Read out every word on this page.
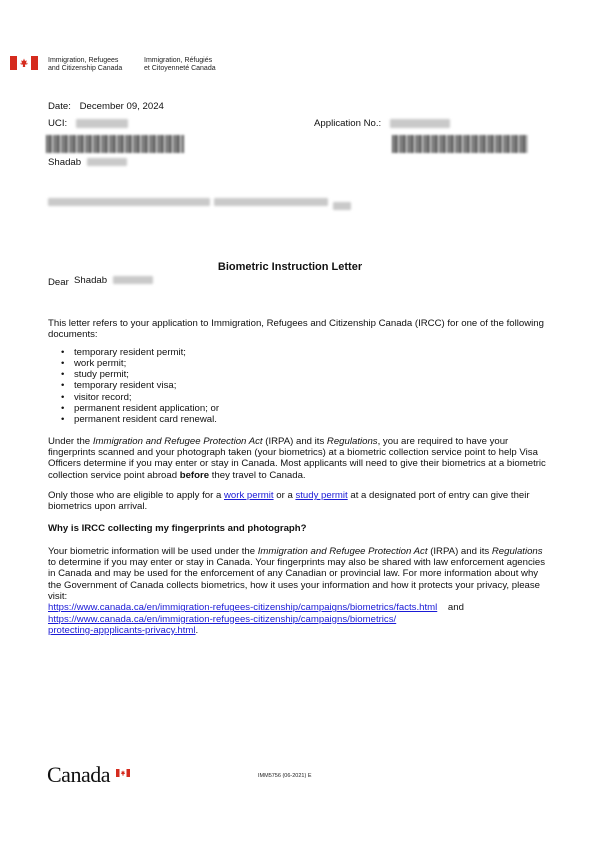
Immigration, Refugees
and Citizenship Canada
Immigration, Réfugiés
et Citoyenneté Canada
Date: December 09, 2024
UCI:	Application No.:
Shadab

Biometric Instruction Letter
Dear Shadab

This letter refers to your application to Immigration, Refugees and Citizenship Canada (IRCC) for one of the following documents:

• temporary resident permit;
• work permit;
• study permit;
• temporary resident visa;
• visitor record;
• permanent resident application; or
• permanent resident card renewal.

Under the Immigration and Refugee Protection Act (IRPA) and its Regulations, you are required to have your fingerprints scanned and your photograph taken (your biometrics) at a biometric collection service point to help Visa Officers determine if you may enter or stay in Canada. Most applicants will need to give their biometrics at a biometric collection service point abroad before they travel to Canada.

Only those who are eligible to apply for a work permit or a study permit at a designated port of entry can give their biometrics upon arrival.

Why is IRCC collecting my fingerprints and photograph?

Your biometric information will be used under the Immigration and Refugee Protection Act (IRPA) and its Regulations to determine if you may enter or stay in Canada. Your fingerprints may also be shared with law enforcement agencies in Canada and may be used for the enforcement of any Canadian or provincial law. For more information about why the Government of Canada collects biometrics, how it uses your information and how it protects your privacy, please visit:
https://www.canada.ca/en/immigration-refugees-citizenship/campaigns/biometrics/facts.html and
https://www.canada.ca/en/immigration-refugees-citizenship/campaigns/biometrics/
protecting-appplicants-privacy.html.

Canada	IMM5756 (06-2021) E
